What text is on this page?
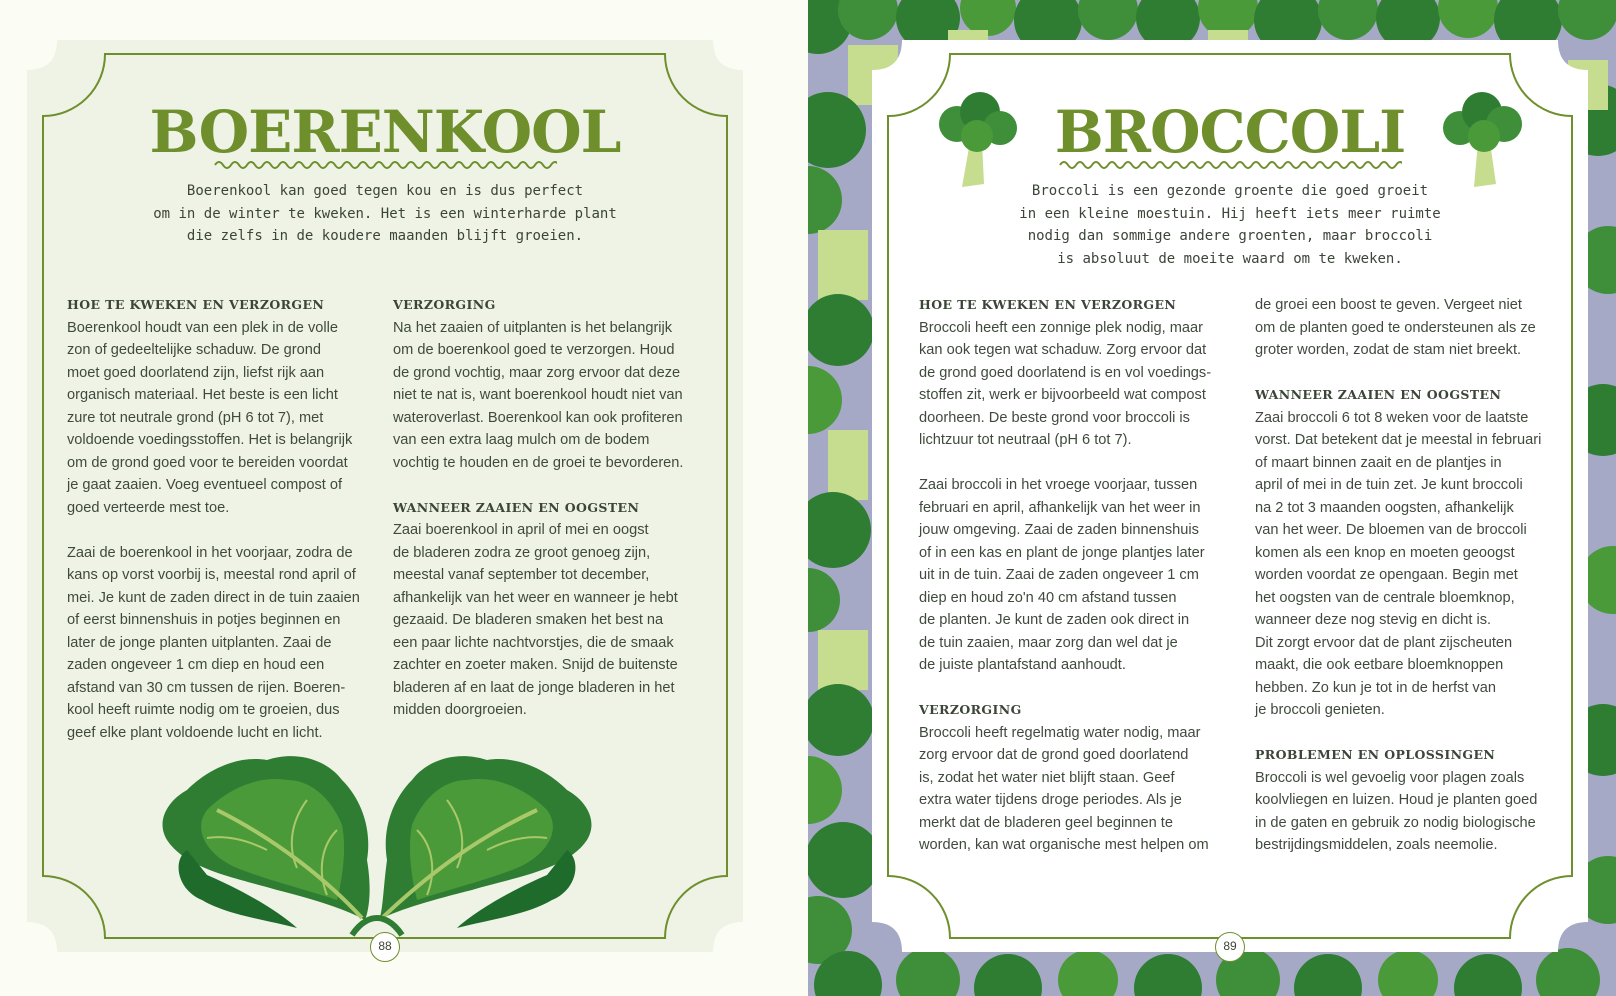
BOERENKOOL
Boerenkool kan goed tegen kou en is dus perfect
om in de winter te kweken. Het is een winterharde plant
die zelfs in de koudere maanden blijft groeien.
HOE TE KWEKEN EN VERZORGEN

Boerenkool houdt van een plek in de volle
zon of gedeeltelijke schaduw. De grond
moet goed doorlatend zijn, liefst rijk aan
organisch materiaal. Het beste is een licht
zure tot neutrale grond (pH 6 tot 7), met
voldoende voedingsstoffen. Het is belangrijk
om de grond goed voor te bereiden voordat
je gaat zaaien. Voeg eventueel compost of
goed verteerde mest toe.

Zaai de boerenkool in het voorjaar, zodra de
kans op vorst voorbij is, meestal rond april of
mei. Je kunt de zaden direct in de tuin zaaien
of eerst binnenshuis in potjes beginnen en
later de jonge planten uitplanten. Zaai de
zaden ongeveer 1 cm diep en houd een
afstand van 30 cm tussen de rijen. Boeren-
kool heeft ruimte nodig om te groeien, dus
geef elke plant voldoende lucht en licht.

VERZORGING

Na het zaaien of uitplanten is het belangrijk
om de boerenkool goed te verzorgen. Houd
de grond vochtig, maar zorg ervoor dat deze
niet te nat is, want boerenkool houdt niet van
wateroverlast. Boerenkool kan ook profiteren
van een extra laag mulch om de bodem
vochtig te houden en de groei te bevorderen.

WANNEER ZAAIEN EN OOGSTEN

Zaai boerenkool in april of mei en oogst
de bladeren zodra ze groot genoeg zijn,
meestal vanaf september tot december,
afhankelijk van het weer en wanneer je hebt
gezaaid. De bladeren smaken het best na
een paar lichte nachtvorstjes, die de smaak
zachter en zoeter maken. Snijd de buitenste
bladeren af en laat de jonge bladeren in het
midden doorgroeien.

88
BROCCOLI
Broccoli is een gezonde groente die goed groeit
in een kleine moestuin. Hij heeft iets meer ruimte
nodig dan sommige andere groenten, maar broccoli
is absoluut de moeite waard om te kweken.
HOE TE KWEKEN EN VERZORGEN

Broccoli heeft een zonnige plek nodig, maar
kan ook tegen wat schaduw. Zorg ervoor dat
de grond goed doorlatend is en vol voedings-
stoffen zit, werk er bijvoorbeeld wat compost
doorheen. De beste grond voor broccoli is
lichtzuur tot neutraal (pH 6 tot 7).

Zaai broccoli in het vroege voorjaar, tussen
februari en april, afhankelijk van het weer in
jouw omgeving. Zaai de zaden binnenshuis
of in een kas en plant de jonge plantjes later
uit in de tuin. Zaai de zaden ongeveer 1 cm
diep en houd zo'n 40 cm afstand tussen
de planten. Je kunt de zaden ook direct in
de tuin zaaien, maar zorg dan wel dat je
de juiste plantafstand aanhoudt.

VERZORGING

Broccoli heeft regelmatig water nodig, maar
zorg ervoor dat de grond goed doorlatend
is, zodat het water niet blijft staan. Geef
extra water tijdens droge periodes. Als je
merkt dat de bladeren geel beginnen te
worden, kan wat organische mest helpen om

de groei een boost te geven. Vergeet niet
om de planten goed te ondersteunen als ze
groter worden, zodat de stam niet breekt.

WANNEER ZAAIEN EN OOGSTEN

Zaai broccoli 6 tot 8 weken voor de laatste
vorst. Dat betekent dat je meestal in februari
of maart binnen zaait en de plantjes in
april of mei in de tuin zet. Je kunt broccoli
na 2 tot 3 maanden oogsten, afhankelijk
van het weer. De bloemen van de broccoli
komen als een knop en moeten geoogst
worden voordat ze opengaan. Begin met
het oogsten van de centrale bloemknop,
wanneer deze nog stevig en dicht is.
Dit zorgt ervoor dat de plant zijscheuten
maakt, die ook eetbare bloemknoppen
hebben. Zo kun je tot in de herfst van
je broccoli genieten.

PROBLEMEN EN OPLOSSINGEN

Broccoli is wel gevoelig voor plagen zoals
koolvliegen en luizen. Houd je planten goed
in de gaten en gebruik zo nodig biologische
bestrijdingsmiddelen, zoals neemolie.

89
